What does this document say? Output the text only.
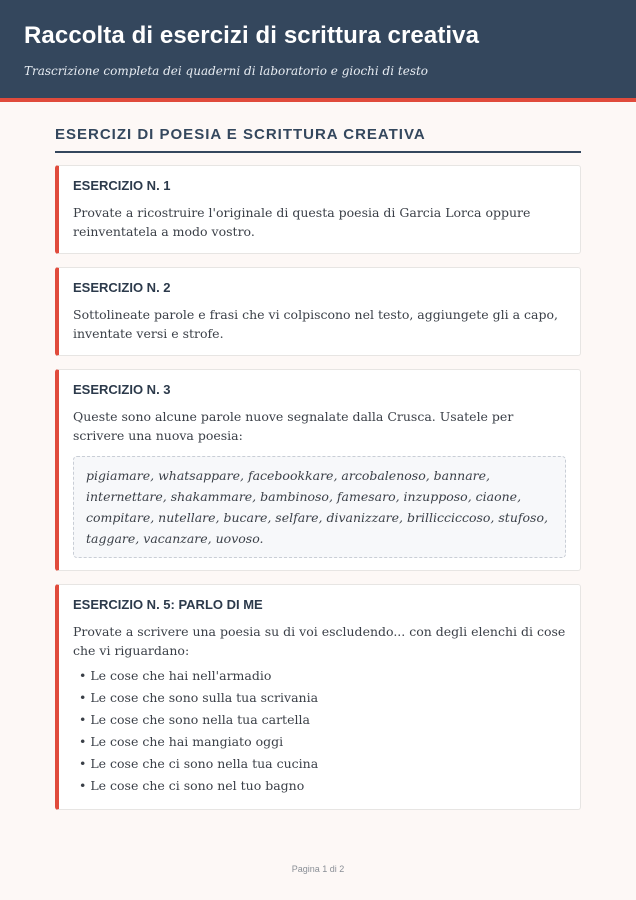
Raccolta di esercizi di scrittura creativa
Trascrizione completa dei quaderni di laboratorio e giochi di testo
ESERCIZI DI POESIA E SCRITTURA CREATIVA
ESERCIZIO N. 1

Provate a ricostruire l'originale di questa poesia di Garcia Lorca oppure reinventatela a modo vostro.

ESERCIZIO N. 2

Sottolineate parole e frasi che vi colpiscono nel testo, aggiungete gli a capo, inventate versi e strofe.

ESERCIZIO N. 3

Queste sono alcune parole nuove segnalate dalla Crusca. Usatele per scrivere una nuova poesia:

pigiamare, whatsappare, facebookkare, arcobalenoso, bannare, internettare, shakammare, bambinoso, famesaro, inzupposo, ciaone, compitare, nutellare, bucare, selfare, divanizzare, brillicciccoso, stufoso, taggare, vacanzare, uovoso.
ESERCIZIO N. 5: PARLO DI ME

Provate a scrivere una poesia su di voi escludendo... con degli elenchi di cose che vi riguardano:

• Le cose che hai nell'armadio
• Le cose che sono sulla tua scrivania
• Le cose che sono nella tua cartella
• Le cose che hai mangiato oggi
• Le cose che ci sono nella tua cucina
• Le cose che ci sono nel tuo bagno
Pagina 1 di 2
